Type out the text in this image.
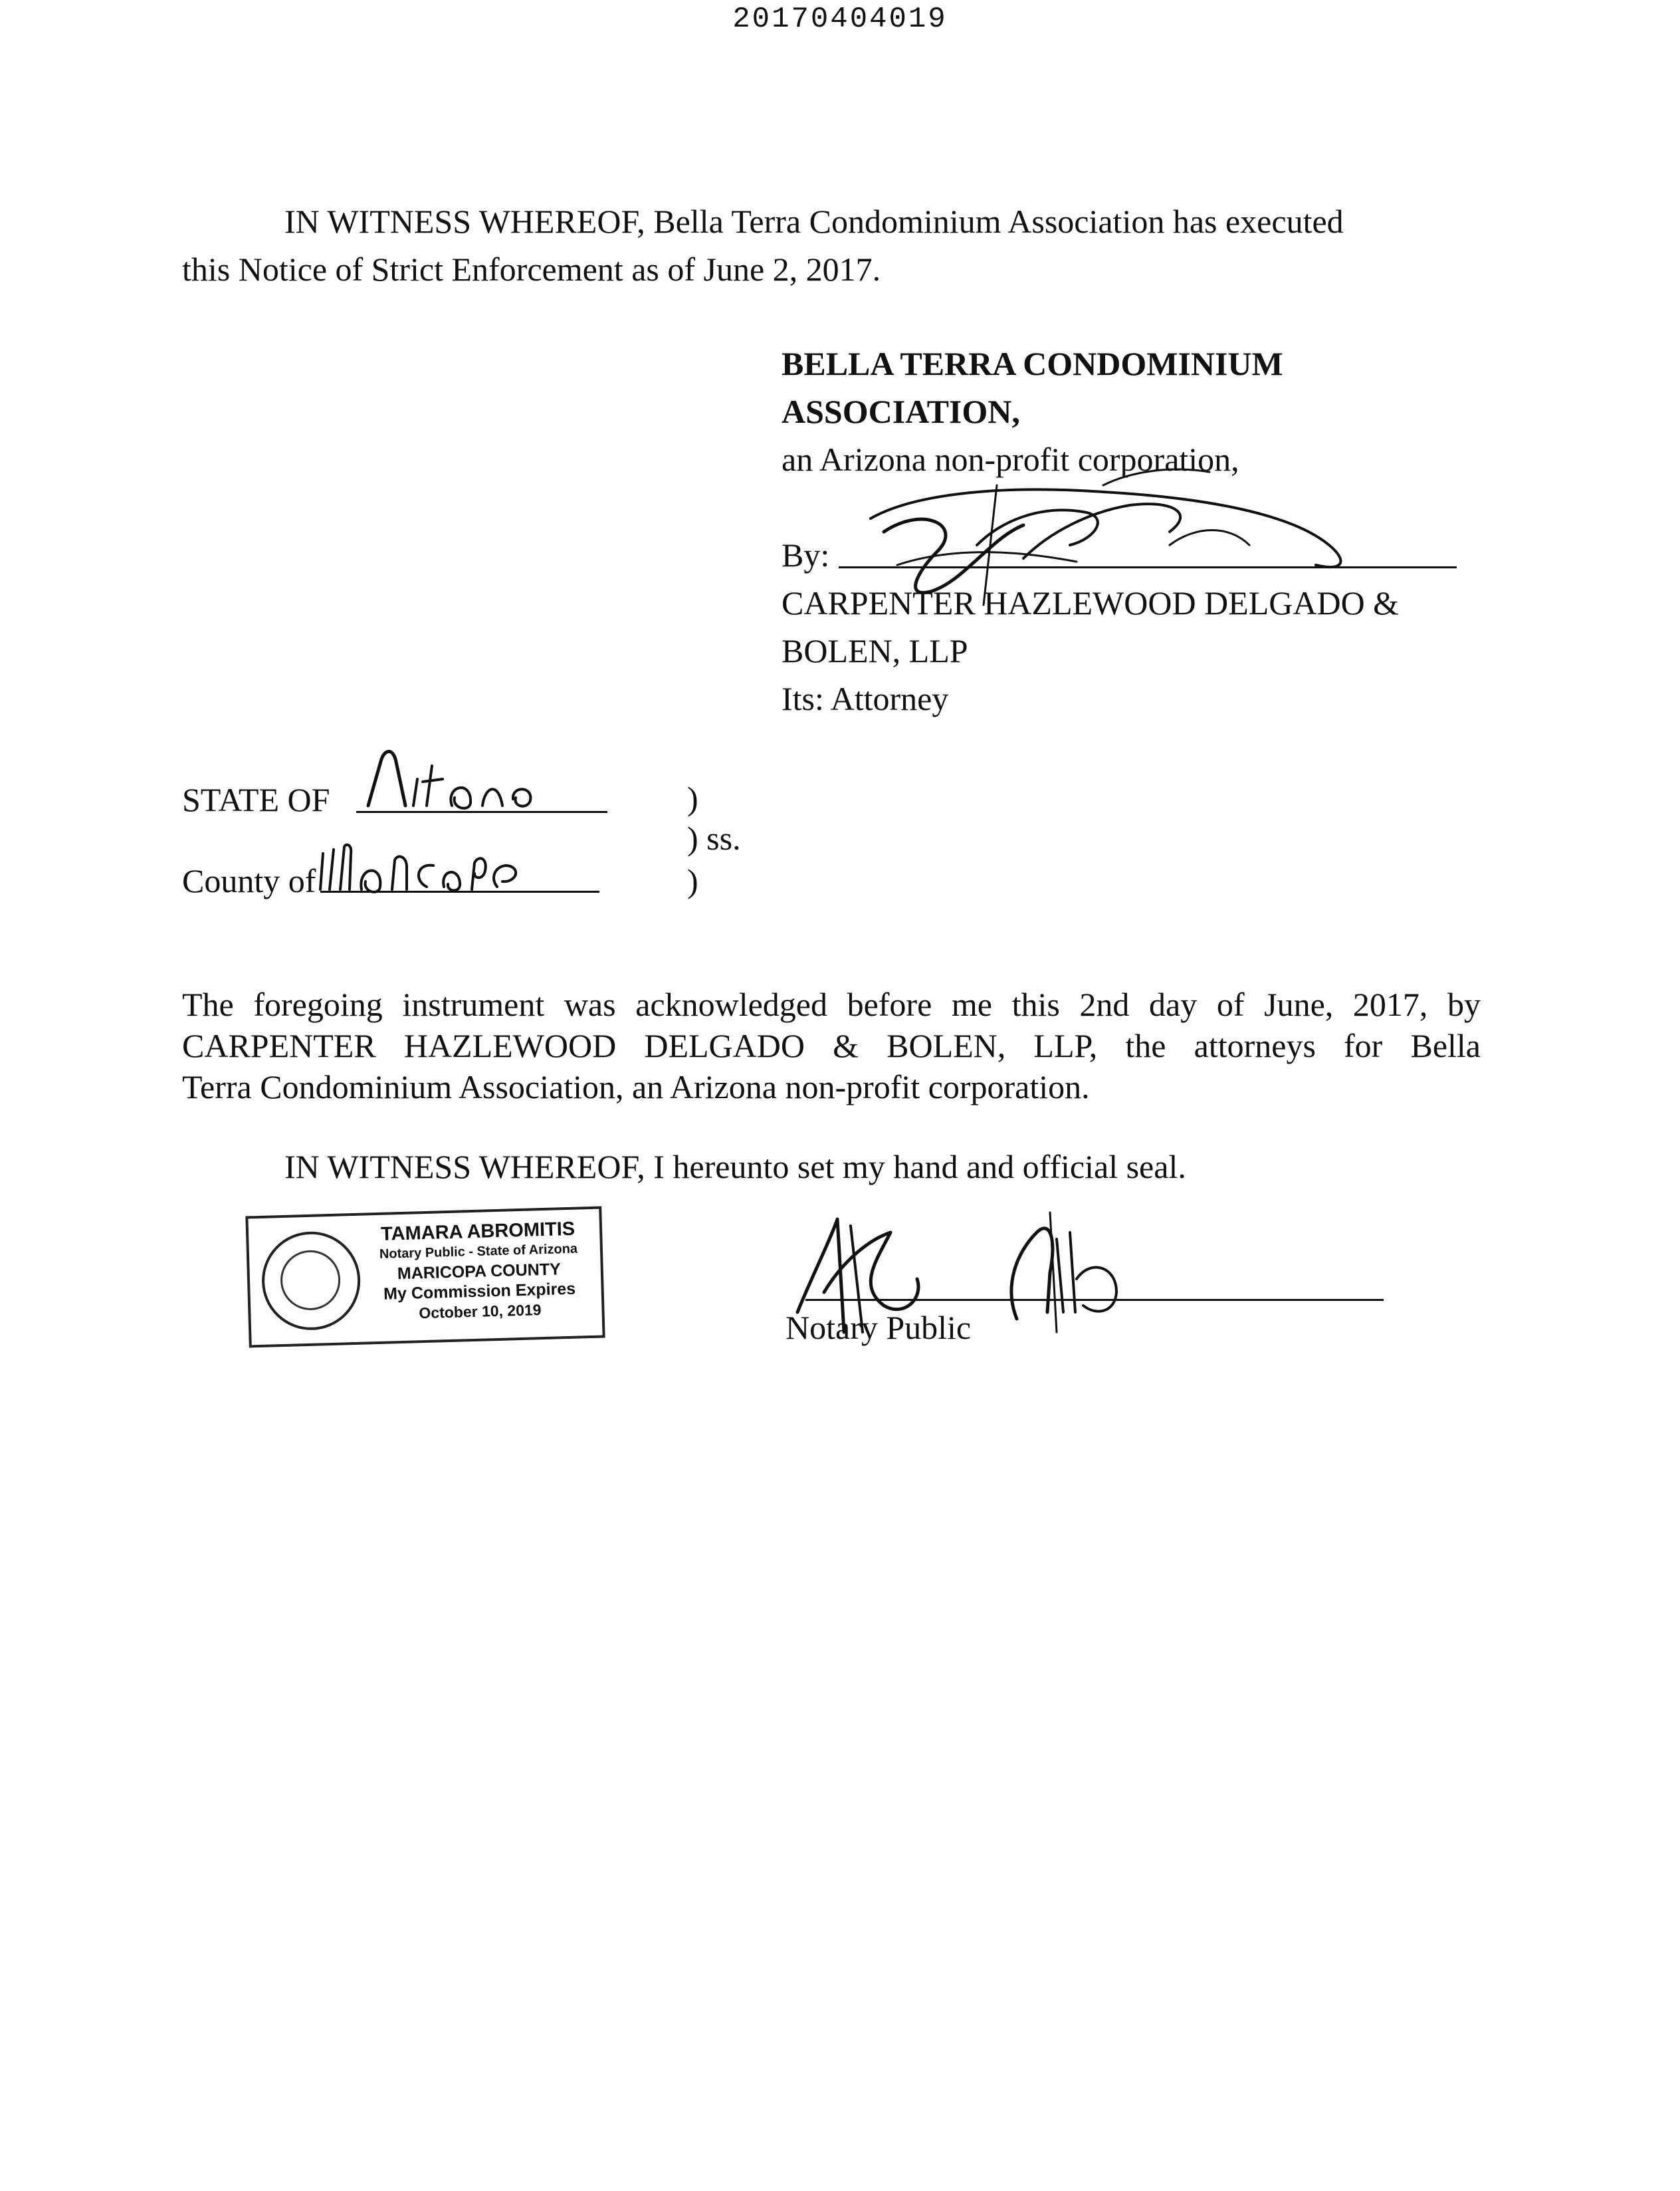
20170404019
IN WITNESS WHEREOF, Bella Terra Condominium Association has executed
this Notice of Strict Enforcement as of June 2, 2017.
BELLA TERRA CONDOMINIUM
ASSOCIATION,
an Arizona non-profit corporation,
By:
CARPENTER HAZLEWOOD DELGADO &
BOLEN, LLP
Its: Attorney
STATE OF
County of
)
) ss.
)
The foregoing instrument was acknowledged before me this 2nd day of June, 2017, by
CARPENTER HAZLEWOOD DELGADO & BOLEN, LLP, the attorneys for Bella
Terra Condominium Association, an Arizona non-profit corporation.
IN WITNESS WHEREOF, I hereunto set my hand and official seal.
TAMARA ABROMITIS
Notary Public - State of Arizona
MARICOPA COUNTY
My Commission Expires
October 10, 2019	Notary Public
